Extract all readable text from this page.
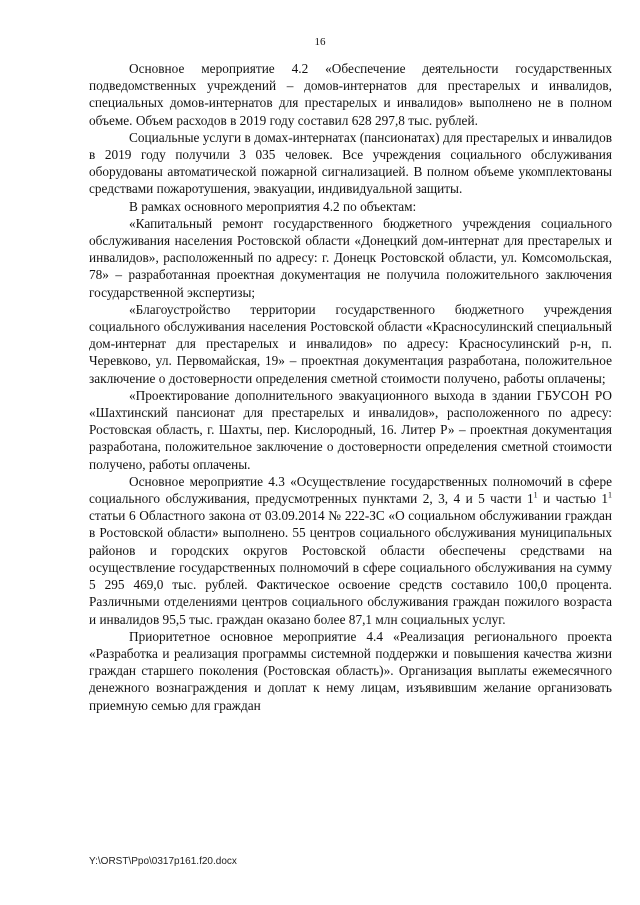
16

Основное мероприятие 4.2 «Обеспечение деятельности государственных подведомственных учреждений – домов-интернатов для престарелых и инвалидов, специальных домов-интернатов для престарелых и инвалидов» выполнено не в полном объеме. Объем расходов в 2019 году составил 628 297,8 тыс. рублей.

Социальные услуги в домах-интернатах (пансионатах) для престарелых и инвалидов в 2019 году получили 3 035 человек. Все учреждения социального обслуживания оборудованы автоматической пожарной сигнализацией. В полном объеме укомплектованы средствами пожаротушения, эвакуации, индивидуальной защиты.

В рамках основного мероприятия 4.2 по объектам:

«Капитальный ремонт государственного бюджетного учреждения социального обслуживания населения Ростовской области «Донецкий дом-интернат для престарелых и инвалидов», расположенный по адресу: г. Донецк Ростовской области, ул. Комсомольская, 78» – разработанная проектная документация не получила положительного заключения государственной экспертизы;

«Благоустройство территории государственного бюджетного учреждения социального обслуживания населения Ростовской области «Красносулинский специальный дом-интернат для престарелых и инвалидов» по адресу: Красносулинский р-н, п. Черевково, ул. Первомайская, 19» – проектная документация разработана, положительное заключение о достоверности определения сметной стоимости получено, работы оплачены;

«Проектирование дополнительного эвакуационного выхода в здании ГБУСОН РО «Шахтинский пансионат для престарелых и инвалидов», расположенного по адресу: Ростовская область, г. Шахты, пер. Кислородный, 16. Литер Р» – проектная документация разработана, положительное заключение о достоверности определения сметной стоимости получено, работы оплачены.

Основное мероприятие 4.3 «Осуществление государственных полномочий в сфере социального обслуживания, предусмотренных пунктами 2, 3, 4 и 5 части $1^1$ и частью $1^1$ статьи 6 Областного закона от 03.09.2014 № 222-ЗС «О социальном обслуживании граждан в Ростовской области» выполнено. 55 центров социального обслуживания муниципальных районов и городских округов Ростовской области обеспечены средствами на осуществление государственных полномочий в сфере социального обслуживания на сумму 5 295 469,0 тыс. рублей. Фактическое освоение средств составило 100,0 процента. Различными отделениями центров социального обслуживания граждан пожилого возраста и инвалидов 95,5 тыс. граждан оказано более 87,1 млн социальных услуг.

Приоритетное основное мероприятие 4.4 «Реализация регионального проекта «Разработка и реализация программы системной поддержки и повышения качества жизни граждан старшего поколения (Ростовская область)». Организация выплаты ежемесячного денежного вознаграждения и доплат к нему лицам, изъявившим желание организовать приемную семью для граждан

Y:\ORST\Ppo\0317p161.f20.docx
